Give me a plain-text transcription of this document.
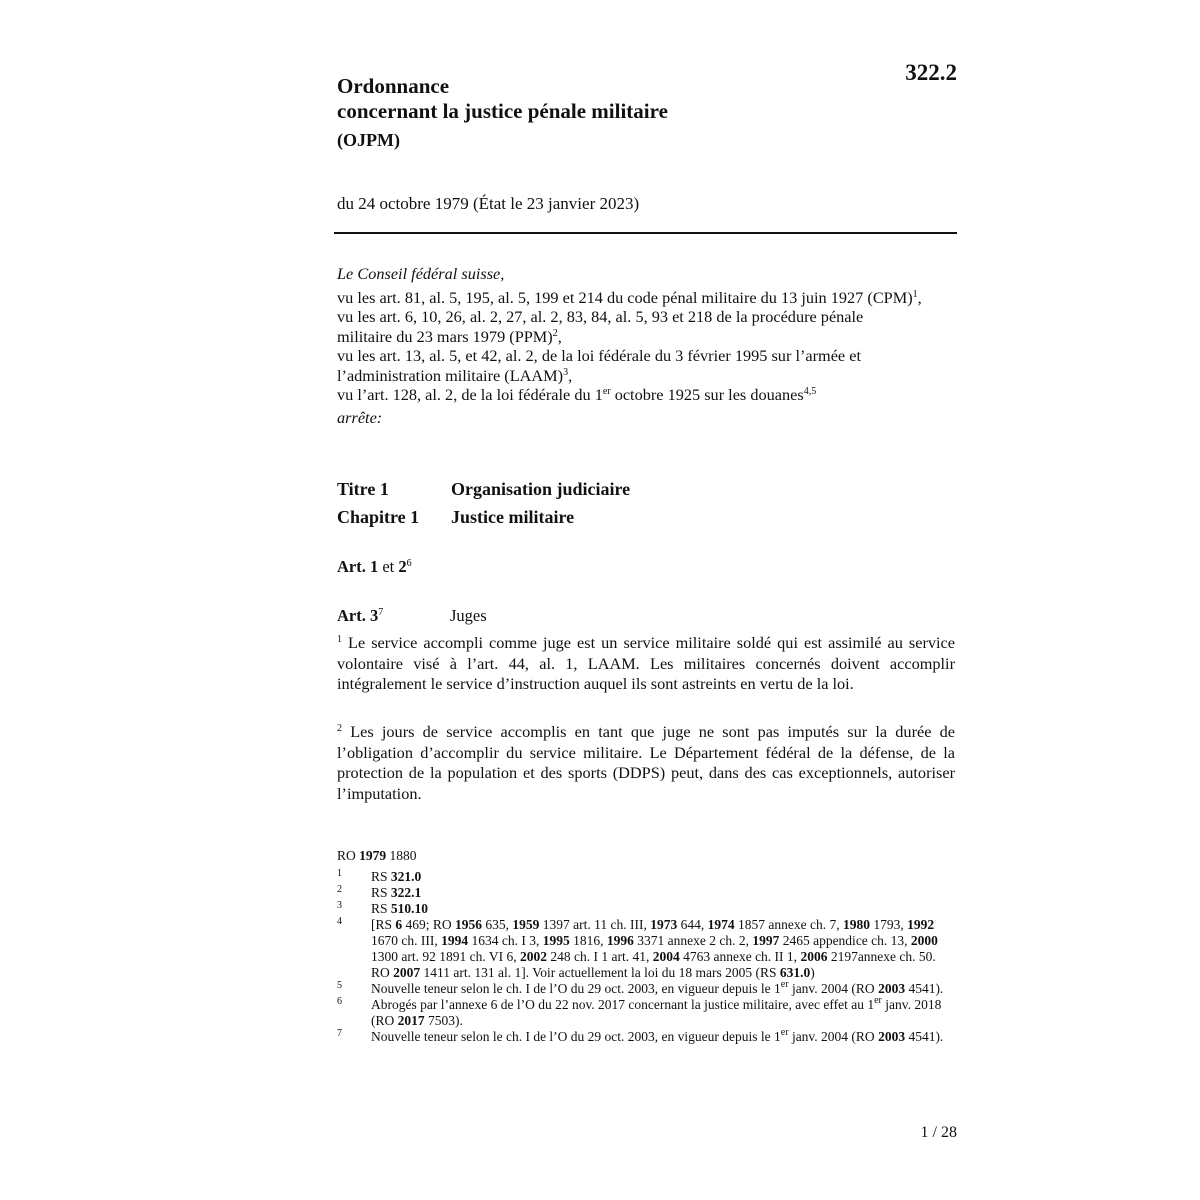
322.2
Ordonnance
concernant la justice pénale militaire
(OJPM)
du 24 octobre 1979 (État le 23 janvier 2023)
Le Conseil fédéral suisse,
vu les art. 81, al. 5, 195, al. 5, 199 et 214 du code pénal militaire du 13 juin 1927 (CPM)$^1$,
vu les art. 6, 10, 26, al. 2, 27, al. 2, 83, 84, al. 5, 93 et 218 de la procédure pénale
militaire du 23 mars 1979 (PPM)$^2$,
vu les art. 13, al. 5, et 42, al. 2, de la loi fédérale du 3 février 1995 sur l’armée et
l’administration militaire (LAAM)$^3$,
vu l’art. 128, al. 2, de la loi fédérale du 1er octobre 1925 sur les douanes$^{4,5}$
arrête:
Titre 1	Organisation judiciaire
Chapitre 1 Justice militaire
Art. 1 et $2^6$
Art. $3^7$	Juges
$^1$ Le service accompli comme juge est un service militaire soldé qui est assimilé au service volontaire visé à l’art. 44, al. 1, LAAM. Les militaires concernés doivent accomplir intégralement le service d’instruction auquel ils sont astreints en vertu de la loi.
$^2$ Les jours de service accomplis en tant que juge ne sont pas imputés sur la durée de l’obligation d’accomplir du service militaire. Le Département fédéral de la défense, de la protection de la population et des sports (DDPS) peut, dans des cas exceptionnels, autoriser l’imputation.
RO 1979 1880
1 RS 321.0
2 RS 322.1
3 RS 510.10
4 [RS 6 469; RO 1956 635, 1959 1397 art. 11 ch. III, 1973 644, 1974 1857 annexe ch. 7, 1980 1793, 1992 1670 ch. III, 1994 1634 ch. I 3, 1995 1816, 1996 3371 annexe 2 ch. 2, 1997 2465 appendice ch. 13, 2000 1300 art. 92 1891 ch. VI 6, 2002 248 ch. I 1 art. 41, 2004 4763 annexe ch. II 1, 2006 2197annexe ch. 50. RO 2007 1411 art. 131 al. 1]. Voir actuellement la loi du 18 mars 2005 (RS 631.0)
5 Nouvelle teneur selon le ch. I de l’O du 29 oct. 2003, en vigueur depuis le 1er janv. 2004 (RO 2003 4541).
6 Abrogés par l’annexe 6 de l’O du 22 nov. 2017 concernant la justice militaire, avec effet au 1er janv. 2018 (RO 2017 7503).
7 Nouvelle teneur selon le ch. I de l’O du 29 oct. 2003, en vigueur depuis le 1er janv. 2004 (RO 2003 4541).
1 / 28
